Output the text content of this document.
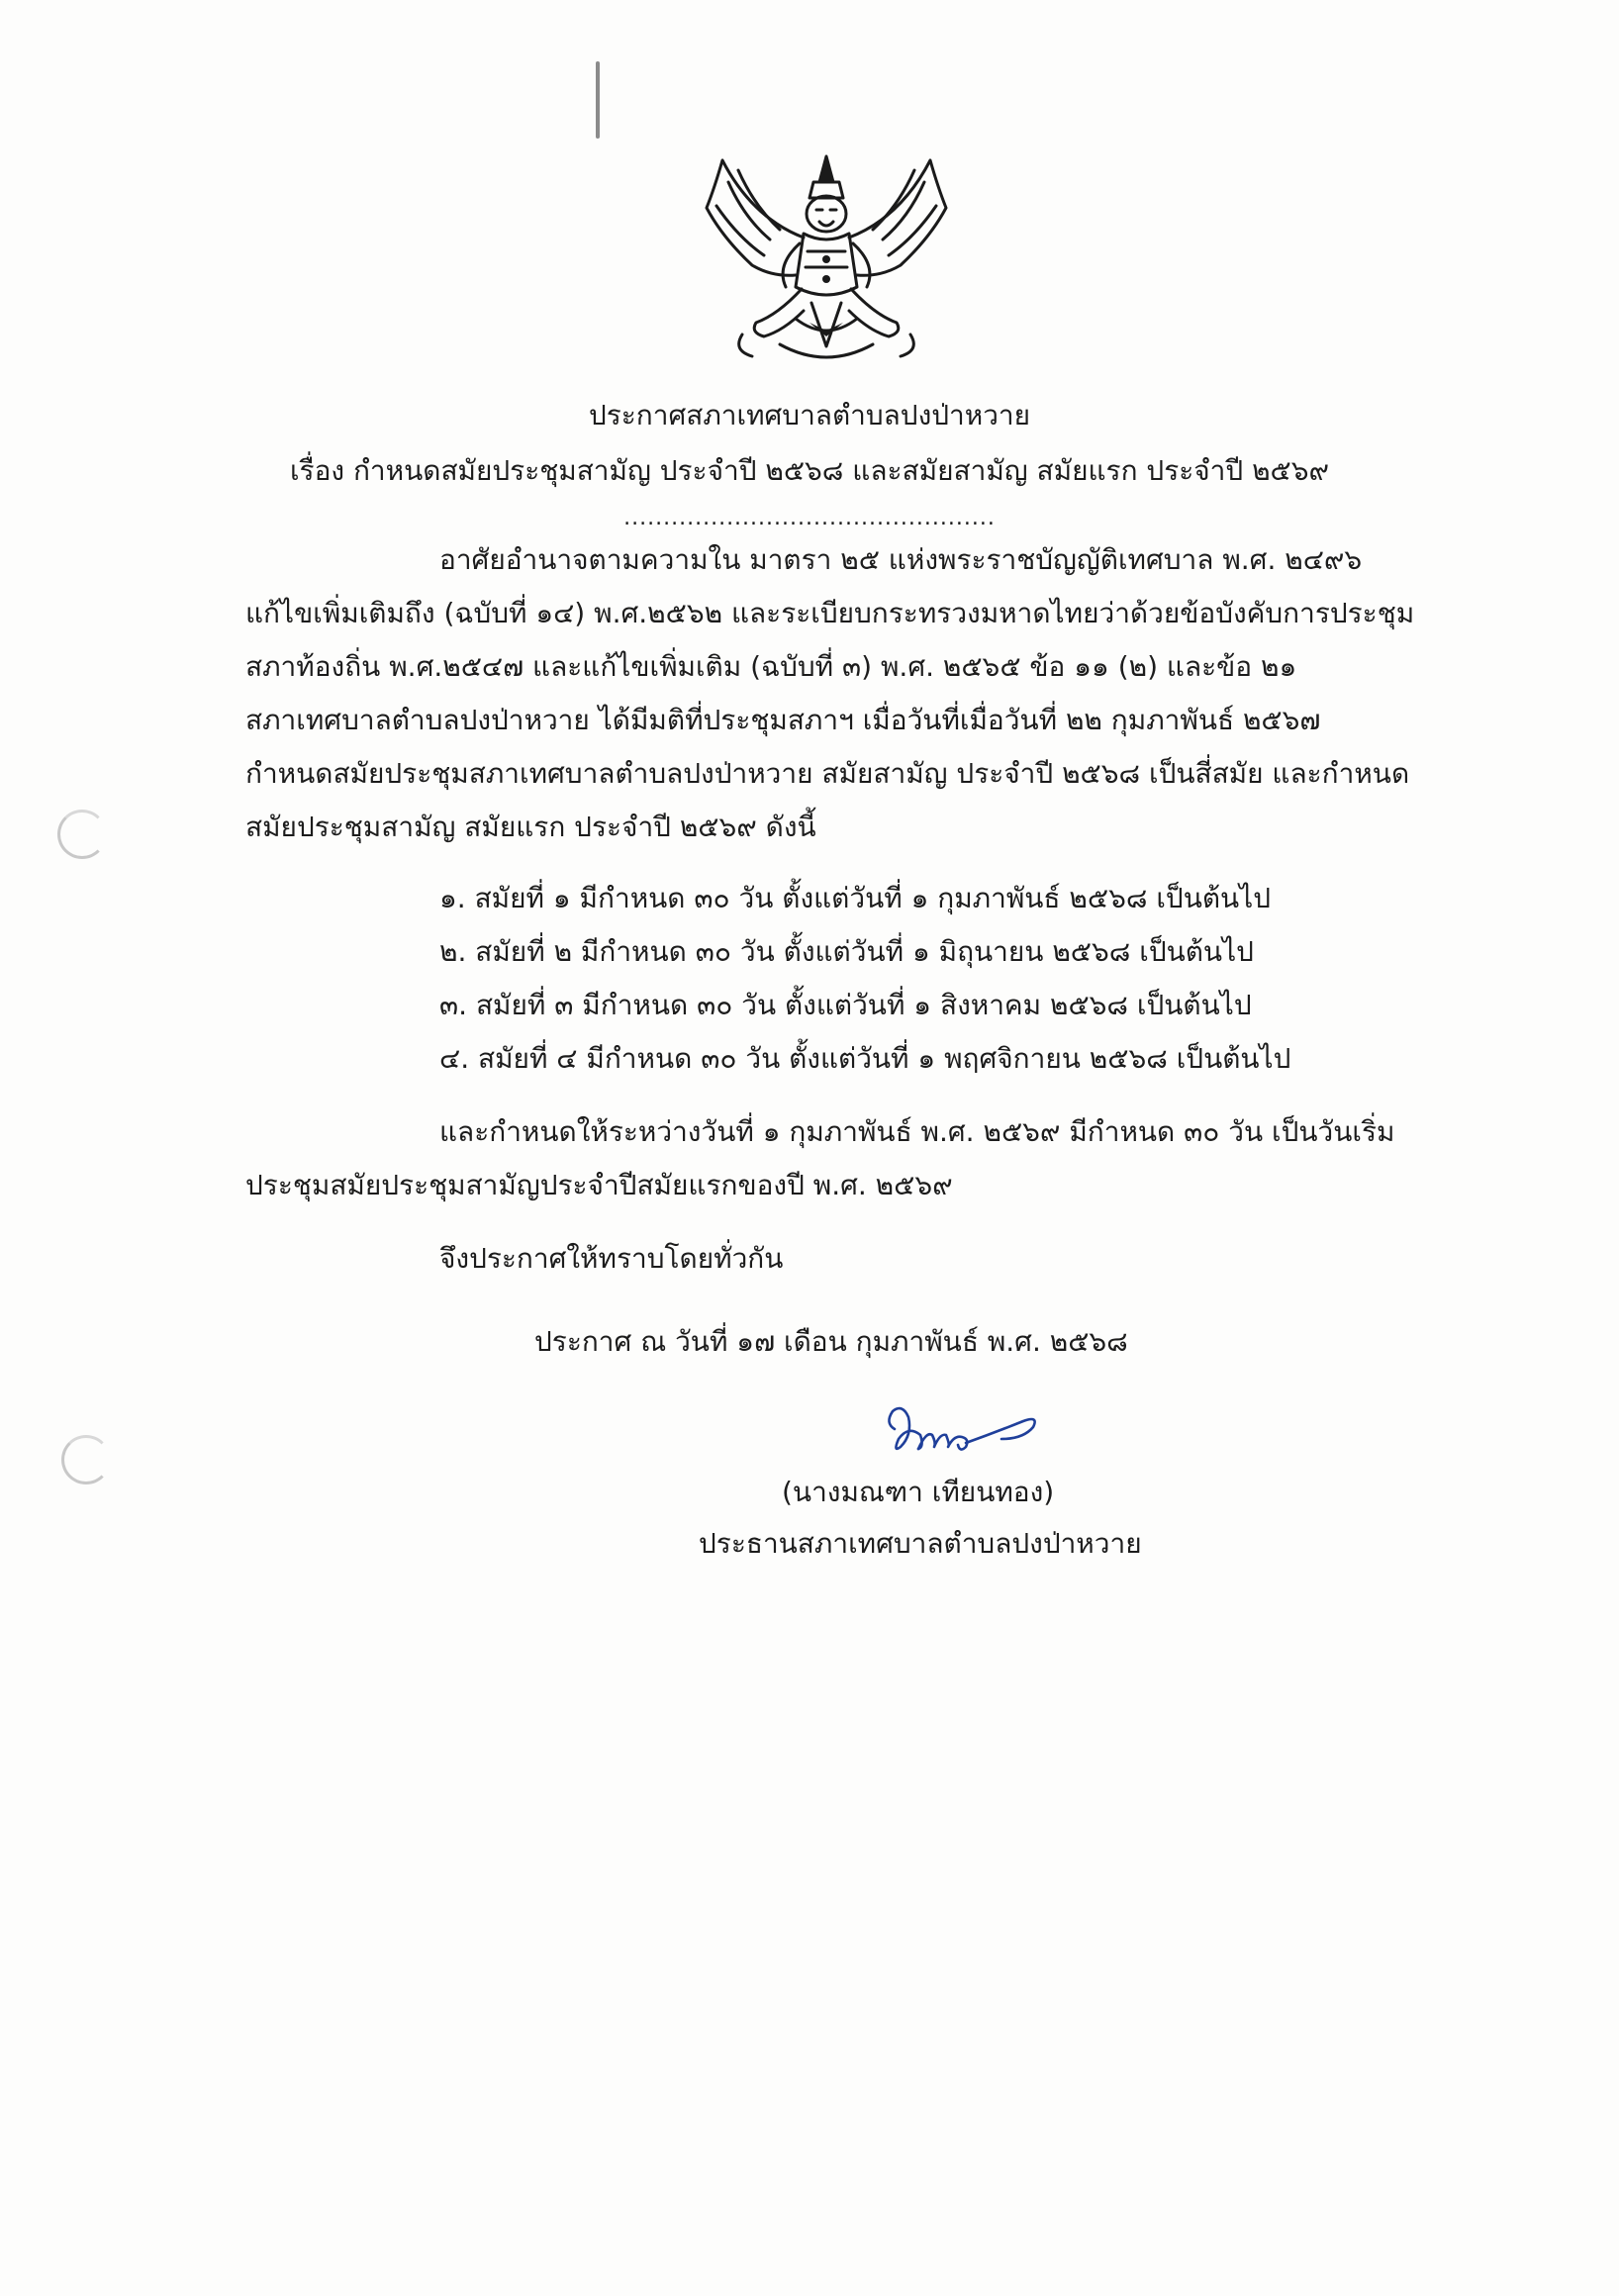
ประกาศสภาเทศบาลตำบลปงป่าหวาย
เรื่อง กำหนดสมัยประชุมสามัญ ประจำปี ๒๕๖๘ และสมัยสามัญ สมัยแรก ประจำปี ๒๕๖๙
...............................................
อาศัยอำนาจตามความใน มาตรา ๒๕ แห่งพระราชบัญญัติเทศบาล พ.ศ. ๒๔๙๖
แก้ไขเพิ่มเติมถึง (ฉบับที่ ๑๔) พ.ศ.๒๕๖๒ และระเบียบกระทรวงมหาดไทยว่าด้วยข้อบังคับการประชุม
สภาท้องถิ่น พ.ศ.๒๕๔๗ และแก้ไขเพิ่มเติม (ฉบับที่ ๓) พ.ศ. ๒๕๖๕ ข้อ ๑๑ (๒) และข้อ ๒๑
สภาเทศบาลตำบลปงป่าหวาย ได้มีมติที่ประชุมสภาฯ เมื่อวันที่เมื่อวันที่ ๒๒ กุมภาพันธ์ ๒๕๖๗
กำหนดสมัยประชุมสภาเทศบาลตำบลปงป่าหวาย สมัยสามัญ ประจำปี ๒๕๖๘ เป็นสี่สมัย และกำหนด
สมัยประชุมสามัญ สมัยแรก ประจำปี ๒๕๖๙ ดังนี้
๑. สมัยที่ ๑ มีกำหนด ๓๐ วัน ตั้งแต่วันที่ ๑ กุมภาพันธ์ ๒๕๖๘ เป็นต้นไป
๒. สมัยที่ ๒ มีกำหนด ๓๐ วัน ตั้งแต่วันที่ ๑ มิถุนายน ๒๕๖๘ เป็นต้นไป
๓. สมัยที่ ๓ มีกำหนด ๓๐ วัน ตั้งแต่วันที่ ๑ สิงหาคม ๒๕๖๘ เป็นต้นไป
๔. สมัยที่ ๔ มีกำหนด ๓๐ วัน ตั้งแต่วันที่ ๑ พฤศจิกายน ๒๕๖๘ เป็นต้นไป
และกำหนดให้ระหว่างวันที่ ๑ กุมภาพันธ์ พ.ศ. ๒๕๖๙ มีกำหนด ๓๐ วัน เป็นวันเริ่ม
ประชุมสมัยประชุมสามัญประจำปีสมัยแรกของปี พ.ศ. ๒๕๖๙
จึงประกาศให้ทราบโดยทั่วกัน
ประกาศ ณ วันที่ ๑๗ เดือน กุมภาพันธ์ พ.ศ. ๒๕๖๘
(นางมณฑา เทียนทอง)
ประธานสภาเทศบาลตำบลปงป่าหวาย
